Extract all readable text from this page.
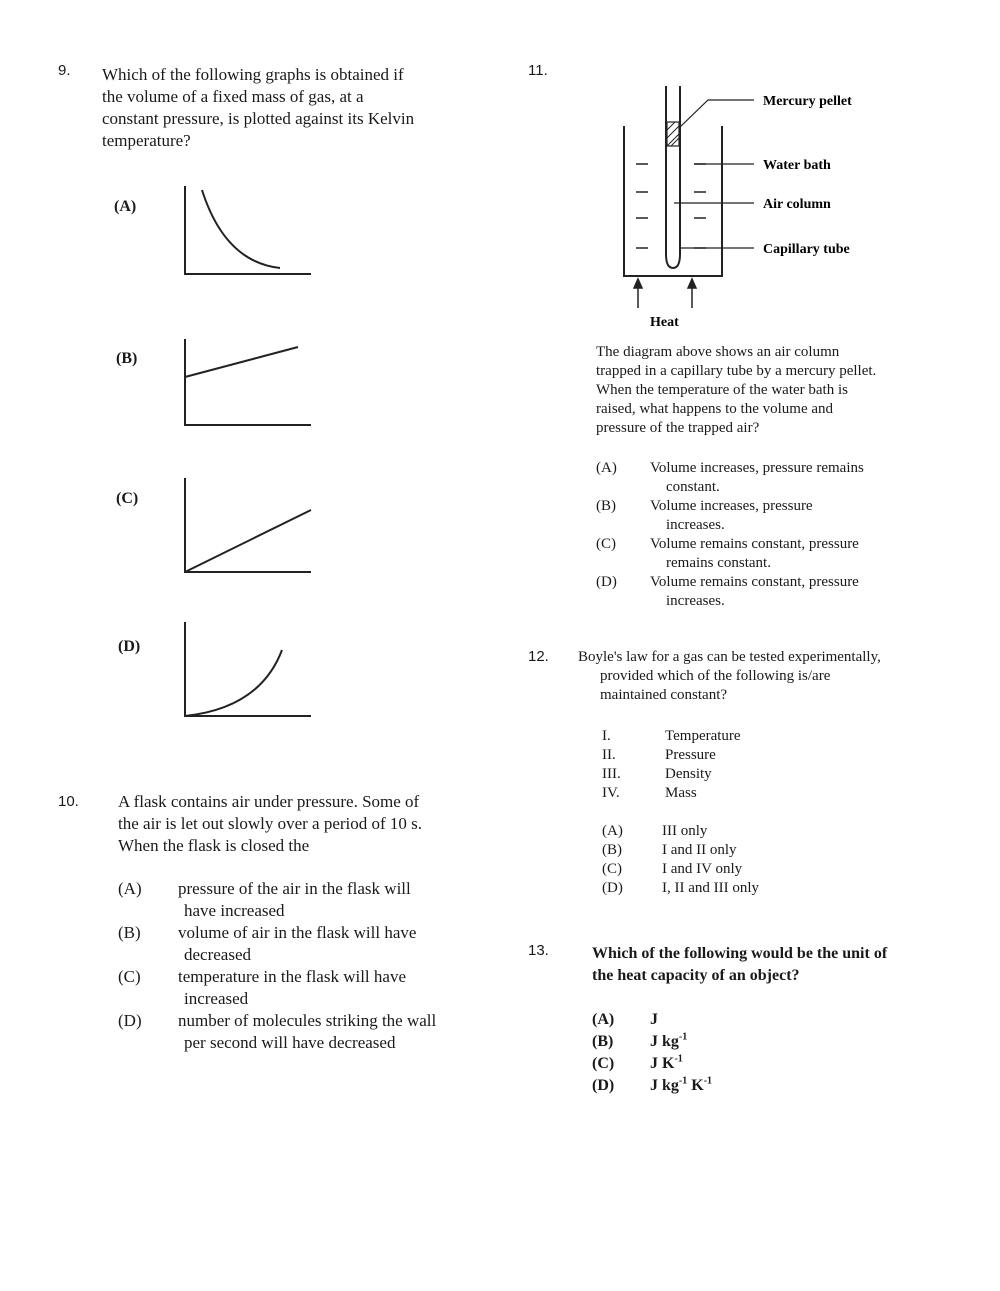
9. Which of the following graphs is obtained if
the volume of a fixed mass of gas, at a
constant pressure, is plotted against its Kelvin
temperature?
(A)
(B)
(C)
(D)
10. A flask contains air under pressure. Some of
the air is let out slowly over a period of 10 s.
When the flask is closed the
(A)	pressure of the air in the flask will
have increased
(B)	volume of air in the flask will have
decreased
(C)	temperature in the flask will have
increased
(D)	number of molecules striking the wall
per second will have decreased
11.
Mercury pellet
Water bath
Air column
Capillary tube
Heat
The diagram above shows an air column
trapped in a capillary tube by a mercury pellet.
When the temperature of the water bath is
raised, what happens to the volume and
pressure of the trapped air?
(A)	Volume increases, pressure remains
constant.
(B)	Volume increases, pressure
increases.
(C)	Volume remains constant, pressure
remains constant.
(D)	Volume remains constant, pressure
increases.
12. Boyle's law for a gas can be tested experimentally,
provided which of the following is/are
maintained constant?
I.	Temperature
II.	Pressure
III.	Density
IV.	Mass
(A)	III only
(B)	I and II only
(C)	I and IV only
(D)	I, II and III only
13.	Which of the following would be the unit of
the heat capacity of an object?
(A)	J
(B)	J $kg^{-1}$
(C)	J $K^{-1}$
(D)	J $kg^{-1}$ $K^{-1}$
